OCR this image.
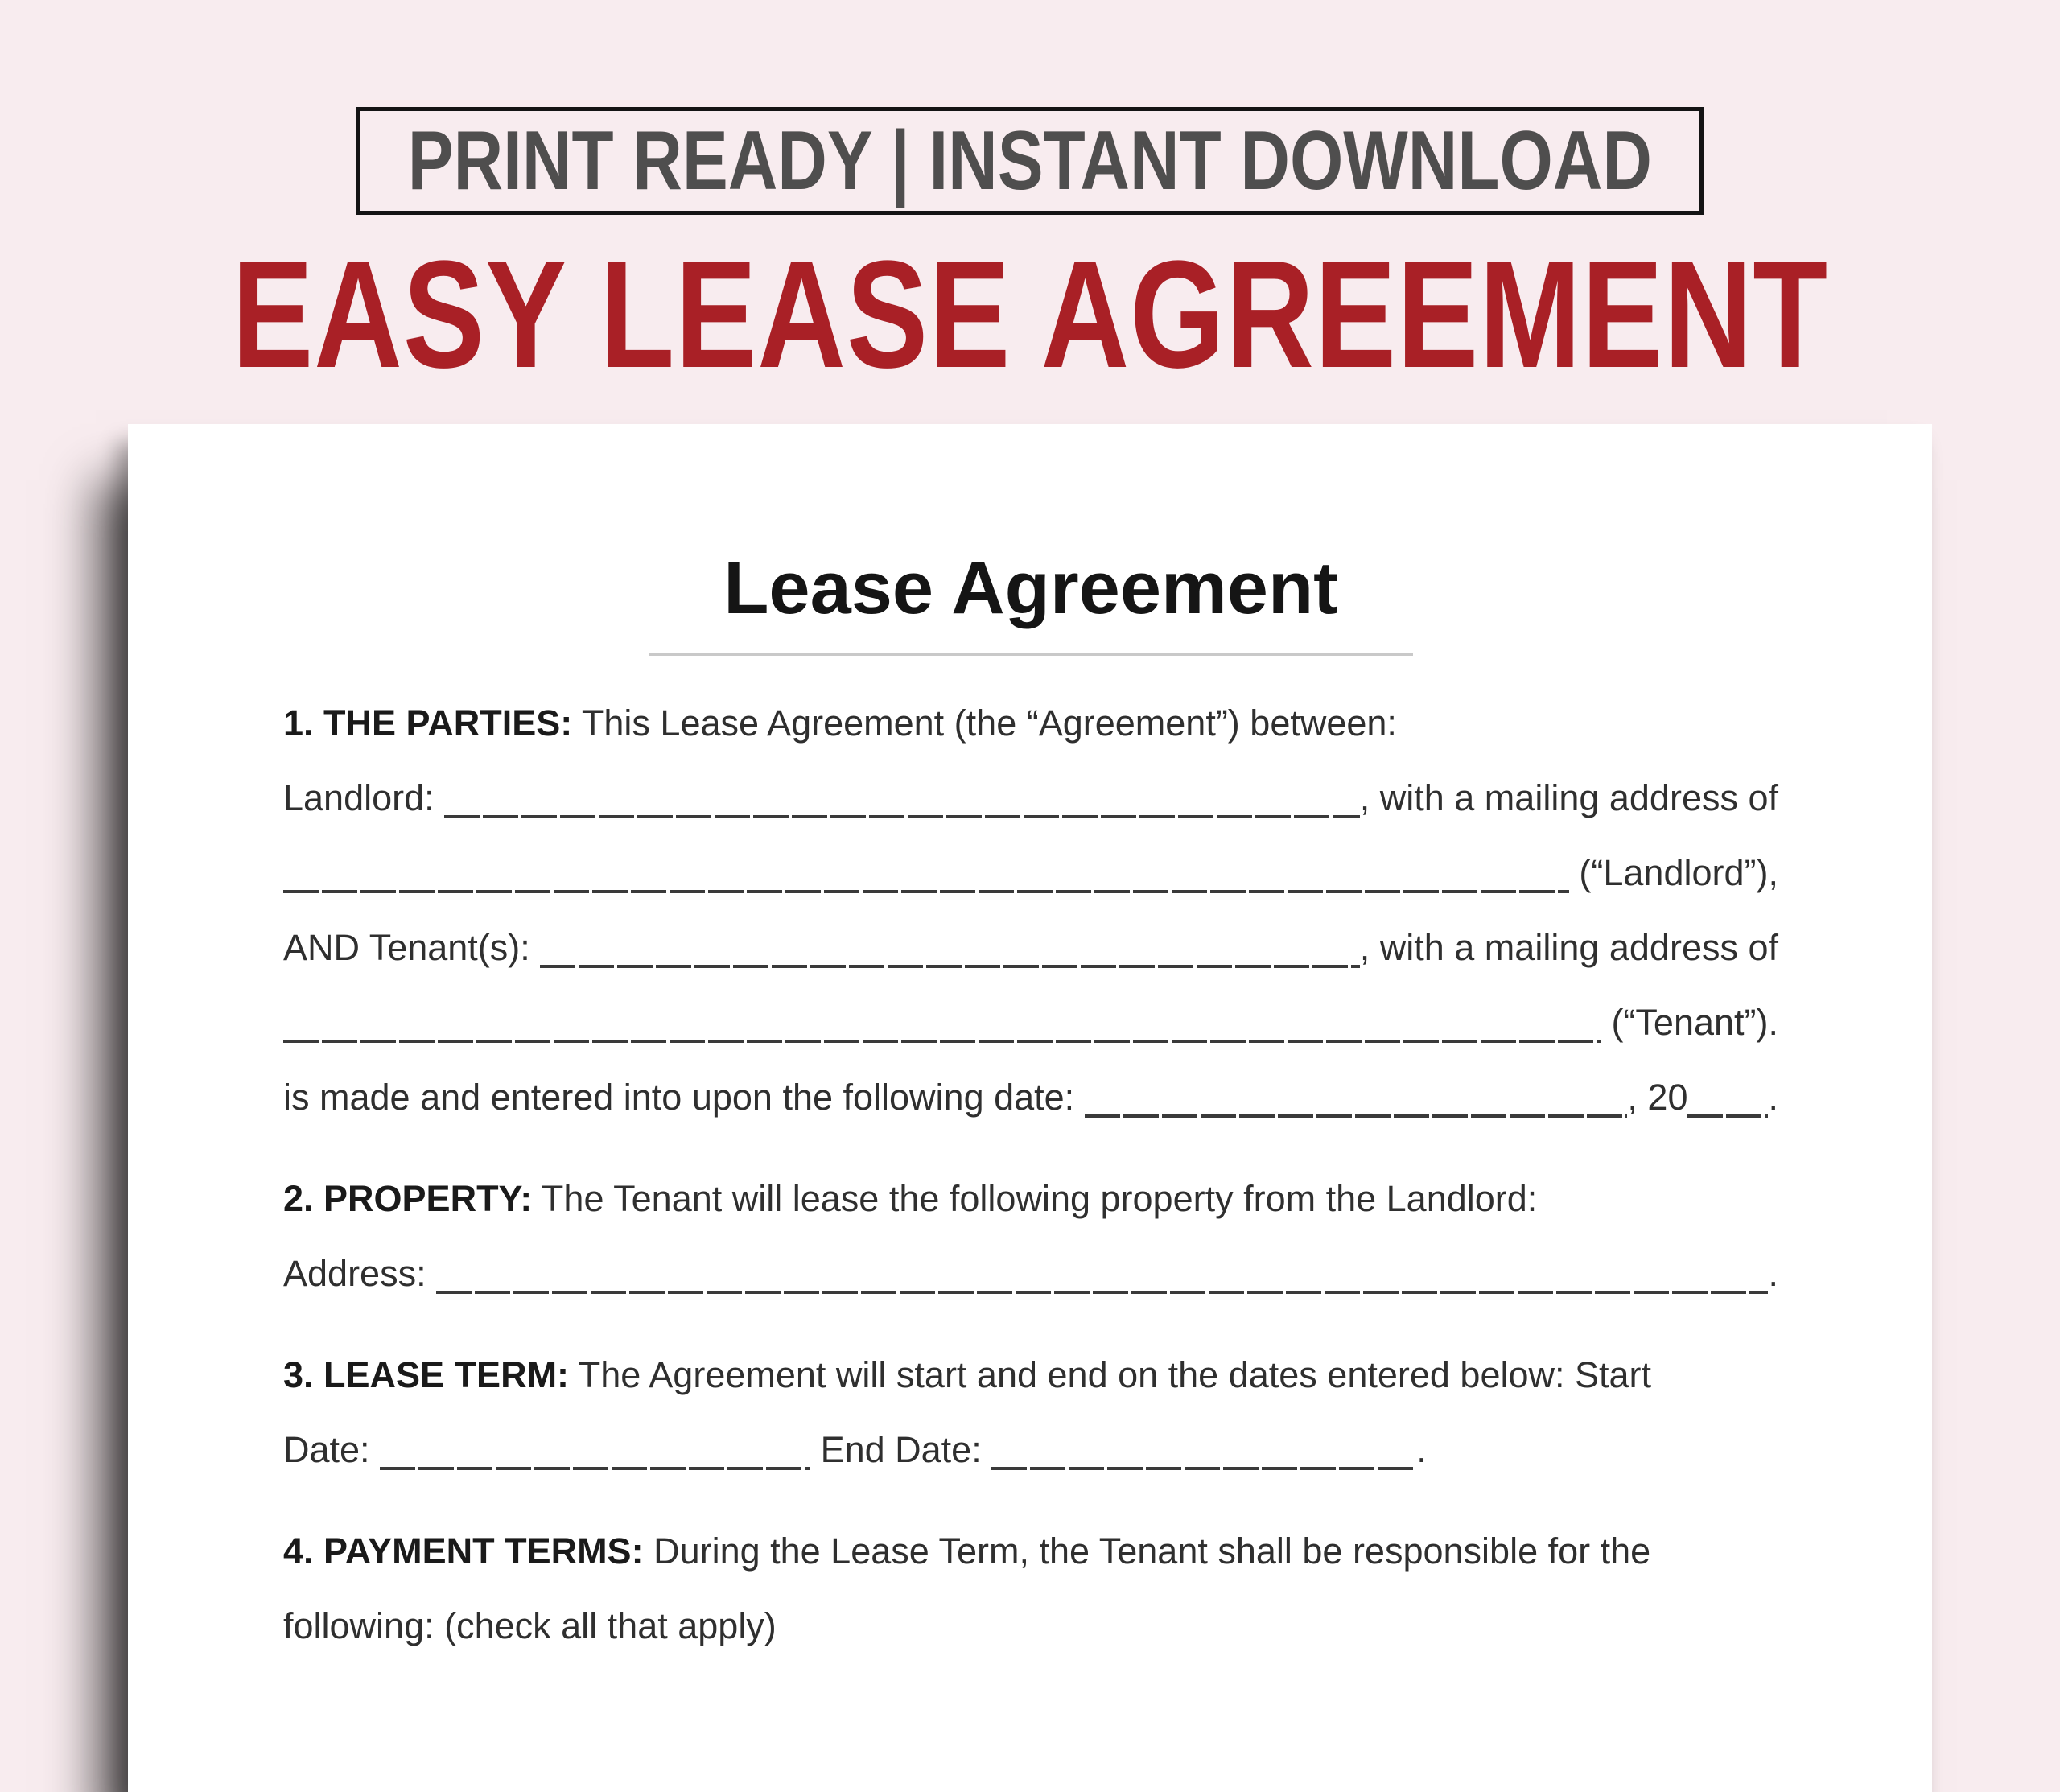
PRINT READY | INSTANT DOWNLOAD
EASY LEASE AGREEMENT
Lease Agreement
1. THE PARTIES: This Lease Agreement (the “Agreement”) between:
Landlord:	, with a mailing address of
(“Landlord”),
AND Tenant(s):	, with a mailing address of
(“Tenant”).
is made and entered into upon the following date:	, 20 .
2. PROPERTY: The Tenant will lease the following property from the Landlord:
Address:	.
3. LEASE TERM: The Agreement will start and end on the dates entered below: Start
Date:	End Date:	.
4. PAYMENT TERMS: During the Lease Term, the Tenant shall be responsible for the
following: (check all that apply)
